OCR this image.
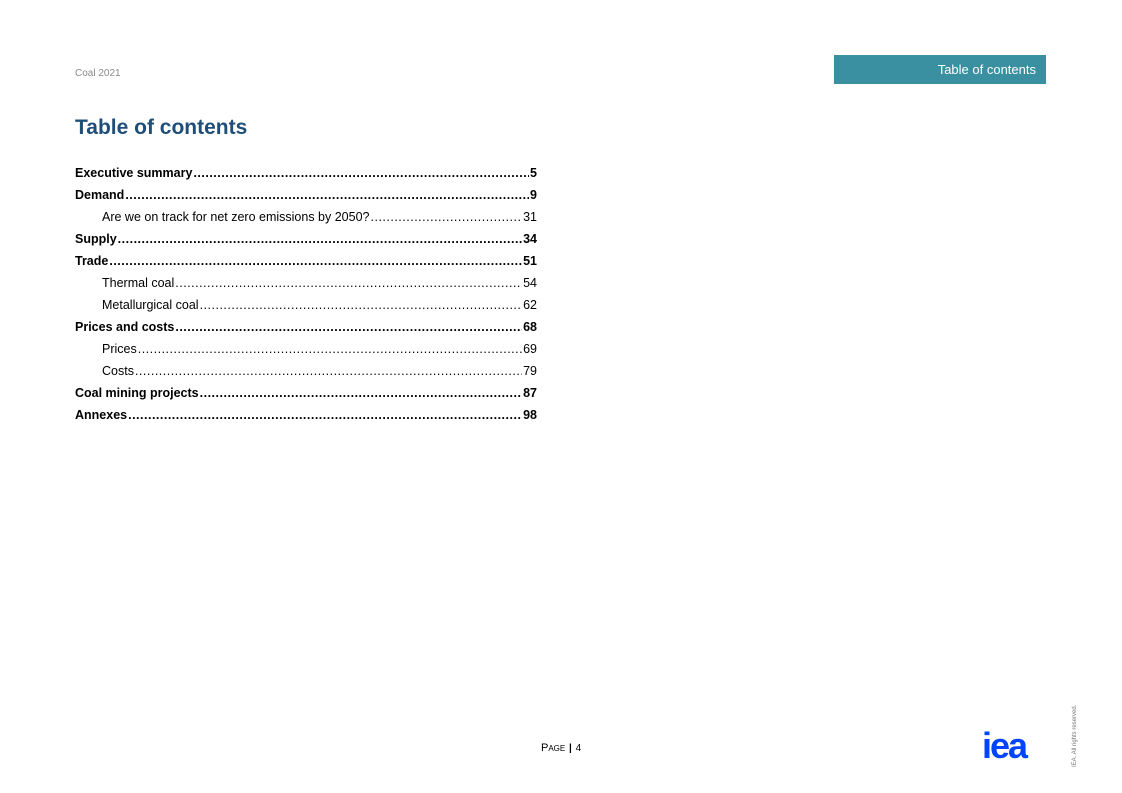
Coal 2021	Table of contents
Table of contents
Executive summary .....	5
Demand .....	9
Are we on track for net zero emissions by 2050? .....	31
Supply .....	34
Trade .....	51
Thermal coal .....	54
Metallurgical coal .....	62
Prices and costs .....	68
Prices .....	69
Costs .....	79
Coal mining projects .....	87
Annexes .....	98
Page | 4	iea	IEA. All rights reserved.
